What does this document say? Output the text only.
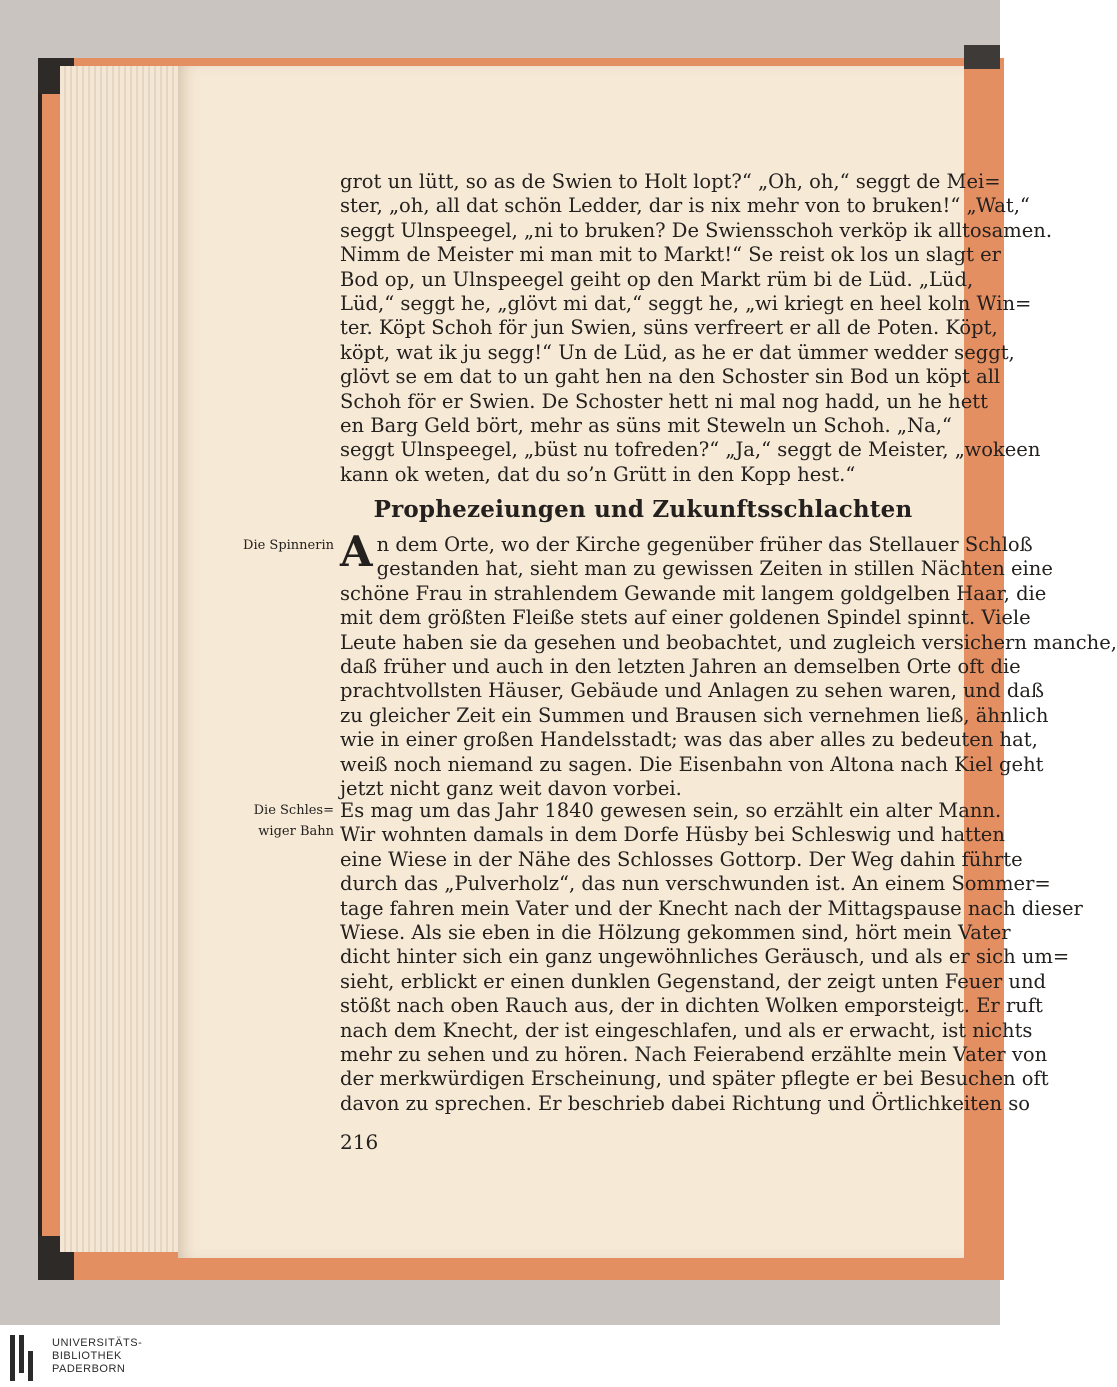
grot un lütt, so as de Swien to Holt lopt?“ „Oh, oh,“ seggt de Mei=
ster, „oh, all dat schön Ledder, dar is nix mehr von to bruken!“ „Wat,“
seggt Ulnspeegel, „ni to bruken? De Swiensschoh verköp ik alltosamen.
Nimm de Meister mi man mit to Markt!“ Se reist ok los un slagt er
Bod op, un Ulnspeegel geiht op den Markt rüm bi de Lüd. „Lüd,
Lüd,“ seggt he, „glövt mi dat,“ seggt he, „wi kriegt en heel koln Win=
ter. Köpt Schoh för jun Swien, süns verfreert er all de Poten. Köpt,
köpt, wat ik ju segg!“ Un de Lüd, as he er dat ümmer wedder seggt,
glövt se em dat to un gaht hen na den Schoster sin Bod un köpt all
Schoh för er Swien. De Schoster hett ni mal nog hadd, un he hett
en Barg Geld bört, mehr as süns mit Steweln un Schoh. „Na,“
seggt Ulnspeegel, „büst nu tofreden?“ „Ja,“ seggt de Meister, „wokeen
kann ok weten, dat du so’n Grütt in den Kopp hest.“
Prophezeiungen und Zukunftsschlachten
Die Spinnerin
Die Schles=
wiger Bahn
A n dem Orte, wo der Kirche gegenüber früher das Stellauer Schloß
gestanden hat, sieht man zu gewissen Zeiten in stillen Nächten eine
schöne Frau in strahlendem Gewande mit langem goldgelben Haar, die
mit dem größten Fleiße stets auf einer goldenen Spindel spinnt. Viele
Leute haben sie da gesehen und beobachtet, und zugleich versichern manche,
daß früher und auch in den letzten Jahren an demselben Orte oft die
prachtvollsten Häuser, Gebäude und Anlagen zu sehen waren, und daß
zu gleicher Zeit ein Summen und Brausen sich vernehmen ließ, ähnlich
wie in einer großen Handelsstadt; was das aber alles zu bedeuten hat,
weiß noch niemand zu sagen. Die Eisenbahn von Altona nach Kiel geht
jetzt nicht ganz weit davon vorbei.
Es mag um das Jahr 1840 gewesen sein, so erzählt ein alter Mann.
Wir wohnten damals in dem Dorfe Hüsby bei Schleswig und hatten
eine Wiese in der Nähe des Schlosses Gottorp. Der Weg dahin führte
durch das „Pulverholz“, das nun verschwunden ist. An einem Sommer=
tage fahren mein Vater und der Knecht nach der Mittagspause nach dieser
Wiese. Als sie eben in die Hölzung gekommen sind, hört mein Vater
dicht hinter sich ein ganz ungewöhnliches Geräusch, und als er sich um=
sieht, erblickt er einen dunklen Gegenstand, der zeigt unten Feuer und
stößt nach oben Rauch aus, der in dichten Wolken emporsteigt. Er ruft
nach dem Knecht, der ist eingeschlafen, und als er erwacht, ist nichts
mehr zu sehen und zu hören. Nach Feierabend erzählte mein Vater von
der merkwürdigen Erscheinung, und später pflegte er bei Besuchen oft
davon zu sprechen. Er beschrieb dabei Richtung und Örtlichkeiten so
216
UNIVERSITÄTS-
BIBLIOTHEK
PADERBORN
